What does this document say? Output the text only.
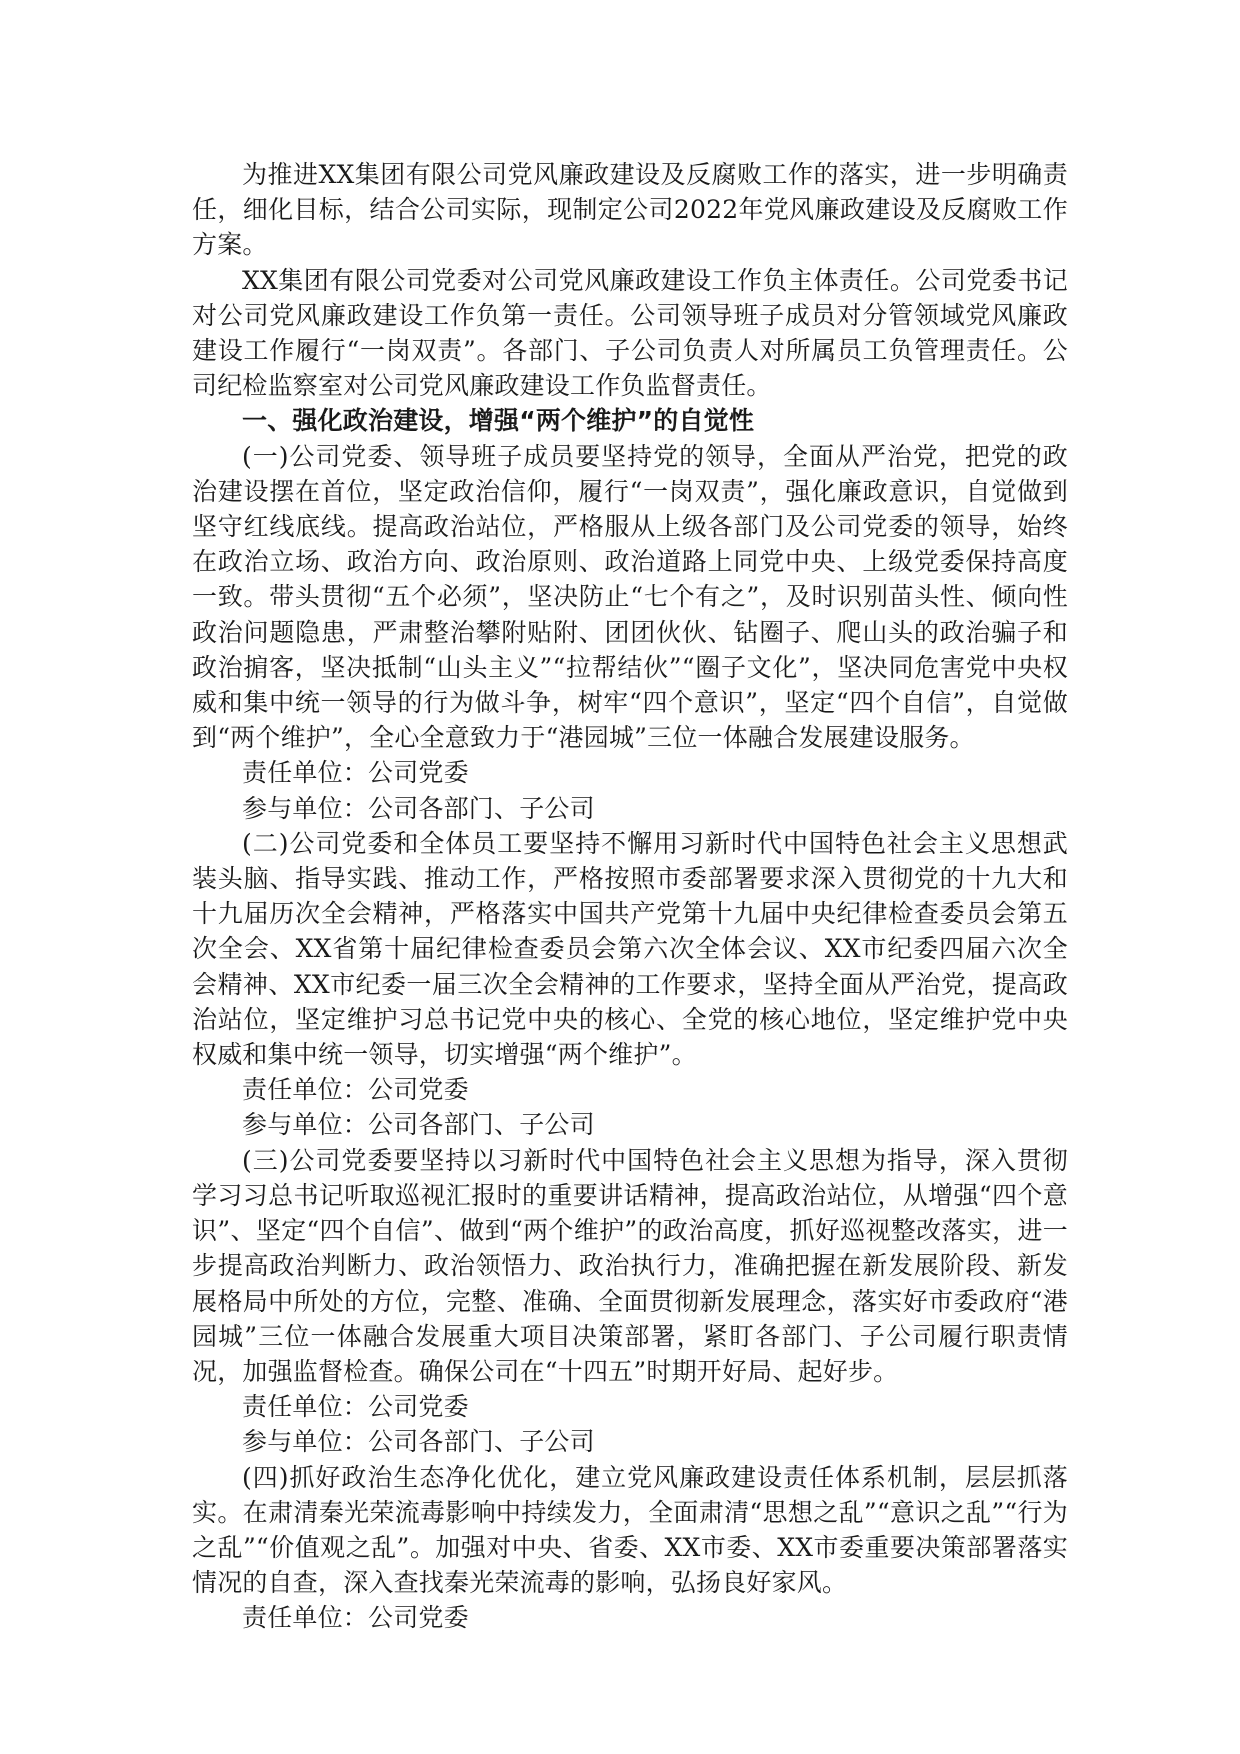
为推进XX集团有限公司党风廉政建设及反腐败工作的落实，进一步明确责任，细化目标，结合公司实际，现制定公司2022年党风廉政建设及反腐败工作方案。

XX集团有限公司党委对公司党风廉政建设工作负主体责任。公司党委书记对公司党风廉政建设工作负第一责任。公司领导班子成员对分管领域党风廉政建设工作履行“一岗双责”。各部门、子公司负责人对所属员工负管理责任。公司纪检监察室对公司党风廉政建设工作负监督责任。

一、强化政治建设，增强“两个维护”的自觉性

(一)公司党委、领导班子成员要坚持党的领导，全面从严治党，把党的政治建设摆在首位，坚定政治信仰，履行“一岗双责”，强化廉政意识，自觉做到坚守红线底线。提高政治站位，严格服从上级各部门及公司党委的领导，始终在政治立场、政治方向、政治原则、政治道路上同党中央、上级党委保持高度一致。带头贯彻“五个必须”，坚决防止“七个有之”，及时识别苗头性、倾向性政治问题隐患，严肃整治攀附贴附、团团伙伙、钻圈子、爬山头的政治骗子和政治掮客，坚决抵制“山头主义”“拉帮结伙”“圈子文化”，坚决同危害党中央权威和集中统一领导的行为做斗争，树牢“四个意识”，坚定“四个自信”，自觉做到“两个维护”，全心全意致力于“港园城”三位一体融合发展建设服务。

责任单位：公司党委

参与单位：公司各部门、子公司

(二)公司党委和全体员工要坚持不懈用习新时代中国特色社会主义思想武装头脑、指导实践、推动工作，严格按照市委部署要求深入贯彻党的十九大和十九届历次全会精神，严格落实中国共产党第十九届中央纪律检查委员会第五次全会、XX省第十届纪律检查委员会第六次全体会议、XX市纪委四届六次全会精神、XX市纪委一届三次全会精神的工作要求，坚持全面从严治党，提高政治站位，坚定维护习总书记党中央的核心、全党的核心地位，坚定维护党中央权威和集中统一领导，切实增强“两个维护”。

责任单位：公司党委

参与单位：公司各部门、子公司

(三)公司党委要坚持以习新时代中国特色社会主义思想为指导，深入贯彻学习习总书记听取巡视汇报时的重要讲话精神，提高政治站位，从增强“四个意识”、坚定“四个自信”、做到“两个维护”的政治高度，抓好巡视整改落实，进一步提高政治判断力、政治领悟力、政治执行力，准确把握在新发展阶段、新发展格局中所处的方位，完整、准确、全面贯彻新发展理念，落实好市委政府“港园城”三位一体融合发展重大项目决策部署，紧盯各部门、子公司履行职责情况，加强监督检查。确保公司在“十四五”时期开好局、起好步。

责任单位：公司党委

参与单位：公司各部门、子公司

(四)抓好政治生态净化优化，建立党风廉政建设责任体系机制，层层抓落实。在肃清秦光荣流毒影响中持续发力，全面肃清“思想之乱”“意识之乱”“行为之乱”“价值观之乱”。加强对中央、省委、XX市委、XX市委重要决策部署落实情况的自查，深入查找秦光荣流毒的影响，弘扬良好家风。

责任单位：公司党委
